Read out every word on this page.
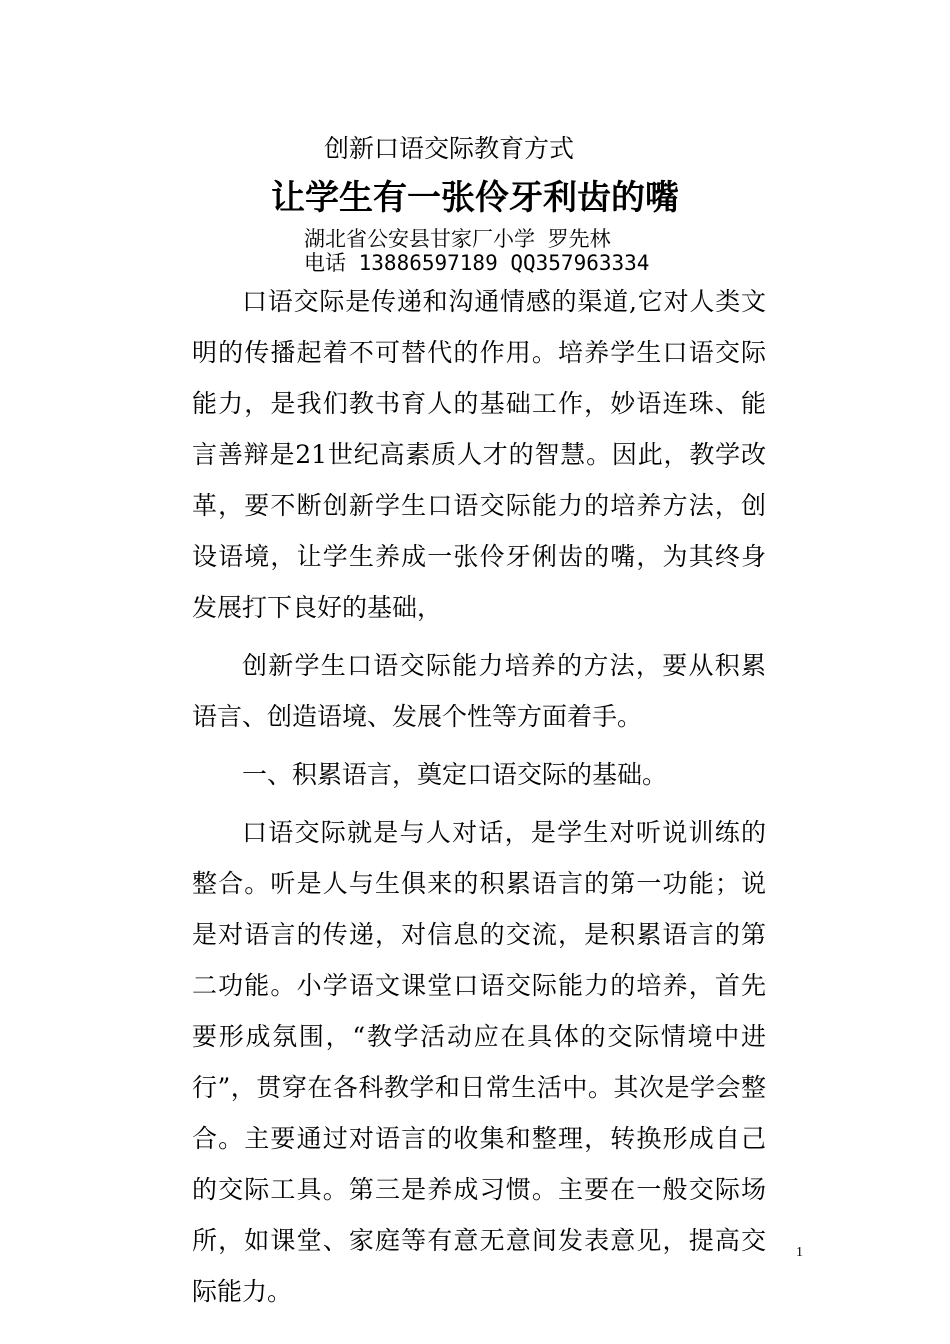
创新口语交际教育方式
让学生有一张伶牙利齿的嘴
湖北省公安县甘家厂小学 罗先林
电话 13886597189 QQ357963334

口语交际是传递和沟通情感的渠道,它对人类文明的传播起着不可替代的作用。培养学生口语交际能力，是我们教书育人的基础工作，妙语连珠、能言善辩是21世纪高素质人才的智慧。因此，教学改革，要不断创新学生口语交际能力的培养方法，创设语境，让学生养成一张伶牙俐齿的嘴，为其终身发展打下良好的基础，

创新学生口语交际能力培养的方法，要从积累语言、创造语境、发展个性等方面着手。

一、积累语言，奠定口语交际的基础。

口语交际就是与人对话，是学生对听说训练的整合。听是人与生俱来的积累语言的第一功能；说是对语言的传递，对信息的交流，是积累语言的第二功能。小学语文课堂口语交际能力的培养，首先要形成氛围，“教学活动应在具体的交际情境中进行”，贯穿在各科教学和日常生活中。其次是学会整合。主要通过对语言的收集和整理，转换形成自己的交际工具。第三是养成习惯。主要在一般交际场所，如课堂、家庭等有意无意间发表意见，提高交际能力。

1
